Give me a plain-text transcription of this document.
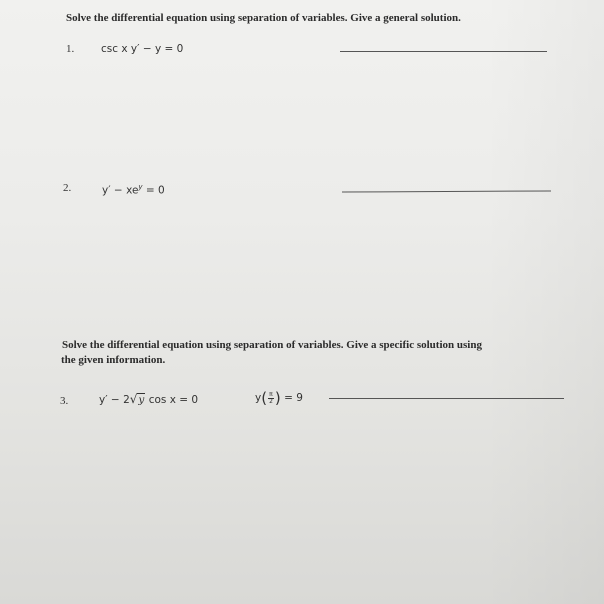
Solve the differential equation using separation of variables. Give a general solution.
1.	csc x y′ − y = 0
2.	$y' - xe^y = 0$
Solve the differential equation using separation of variables. Give a specific solution using
the given information.
3.	y′ − 2√y cos x = 0	$y( \frac{\pi}{2}$ ) = 9
